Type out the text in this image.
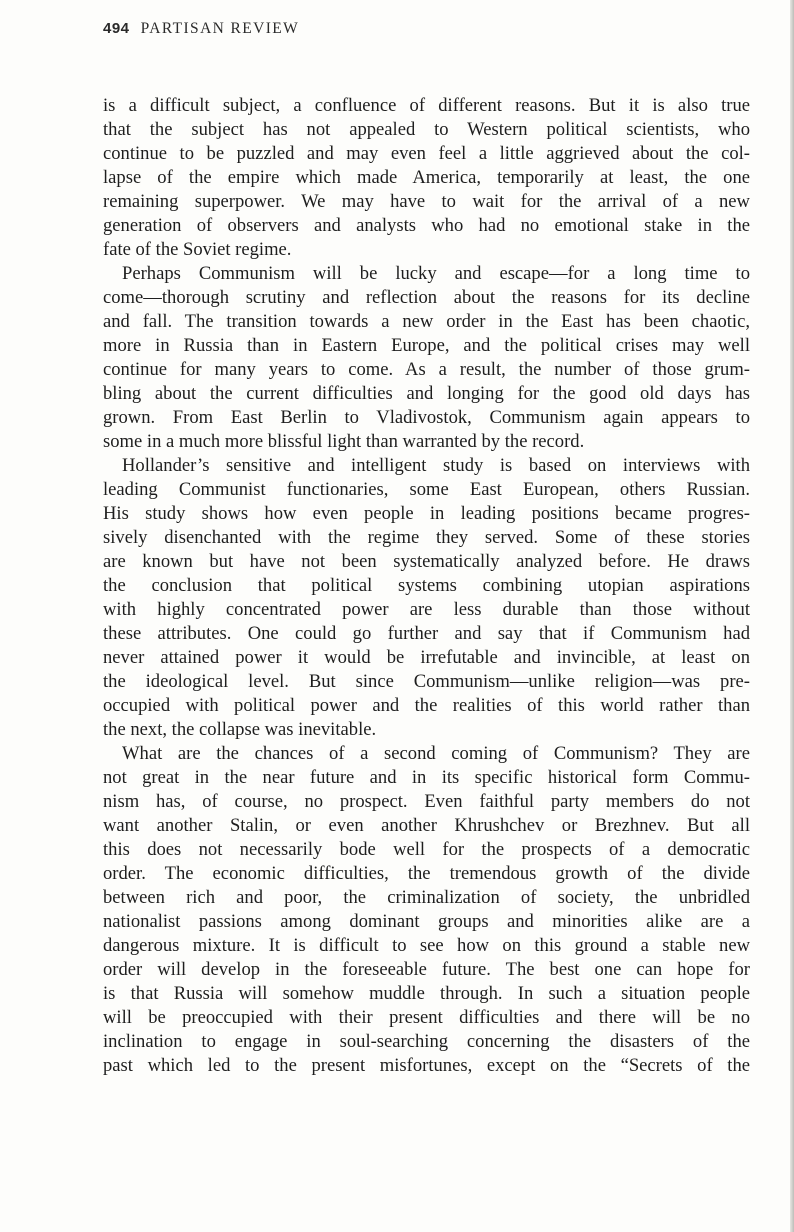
494 PARTISAN REVIEW
is a difficult subject, a confluence of different reasons. But it is also true
that the subject has not appealed to Western political scientists, who
continue to be puzzled and may even feel a little aggrieved about the col-
lapse of the empire which made America, temporarily at least, the one
remaining superpower. We may have to wait for the arrival of a new
generation of observers and analysts who had no emotional stake in the
fate of the Soviet regime.
Perhaps Communism will be lucky and escape—for a long time to
come—thorough scrutiny and reflection about the reasons for its decline
and fall. The transition towards a new order in the East has been chaotic,
more in Russia than in Eastern Europe, and the political crises may well
continue for many years to come. As a result, the number of those grum-
bling about the current difficulties and longing for the good old days has
grown. From East Berlin to Vladivostok, Communism again appears to
some in a much more blissful light than warranted by the record.
Hollander’s sensitive and intelligent study is based on interviews with
leading Communist functionaries, some East European, others Russian.
His study shows how even people in leading positions became progres-
sively disenchanted with the regime they served. Some of these stories
are known but have not been systematically analyzed before. He draws
the conclusion that political systems combining utopian aspirations
with highly concentrated power are less durable than those without
these attributes. One could go further and say that if Communism had
never attained power it would be irrefutable and invincible, at least on
the ideological level. But since Communism—unlike religion—was pre-
occupied with political power and the realities of this world rather than
the next, the collapse was inevitable.
What are the chances of a second coming of Communism? They are
not great in the near future and in its specific historical form Commu-
nism has, of course, no prospect. Even faithful party members do not
want another Stalin, or even another Khrushchev or Brezhnev. But all
this does not necessarily bode well for the prospects of a democratic
order. The economic difficulties, the tremendous growth of the divide
between rich and poor, the criminalization of society, the unbridled
nationalist passions among dominant groups and minorities alike are a
dangerous mixture. It is difficult to see how on this ground a stable new
order will develop in the foreseeable future. The best one can hope for
is that Russia will somehow muddle through. In such a situation people
will be preoccupied with their present difficulties and there will be no
inclination to engage in soul-searching concerning the disasters of the
past which led to the present misfortunes, except on the “Secrets of the
